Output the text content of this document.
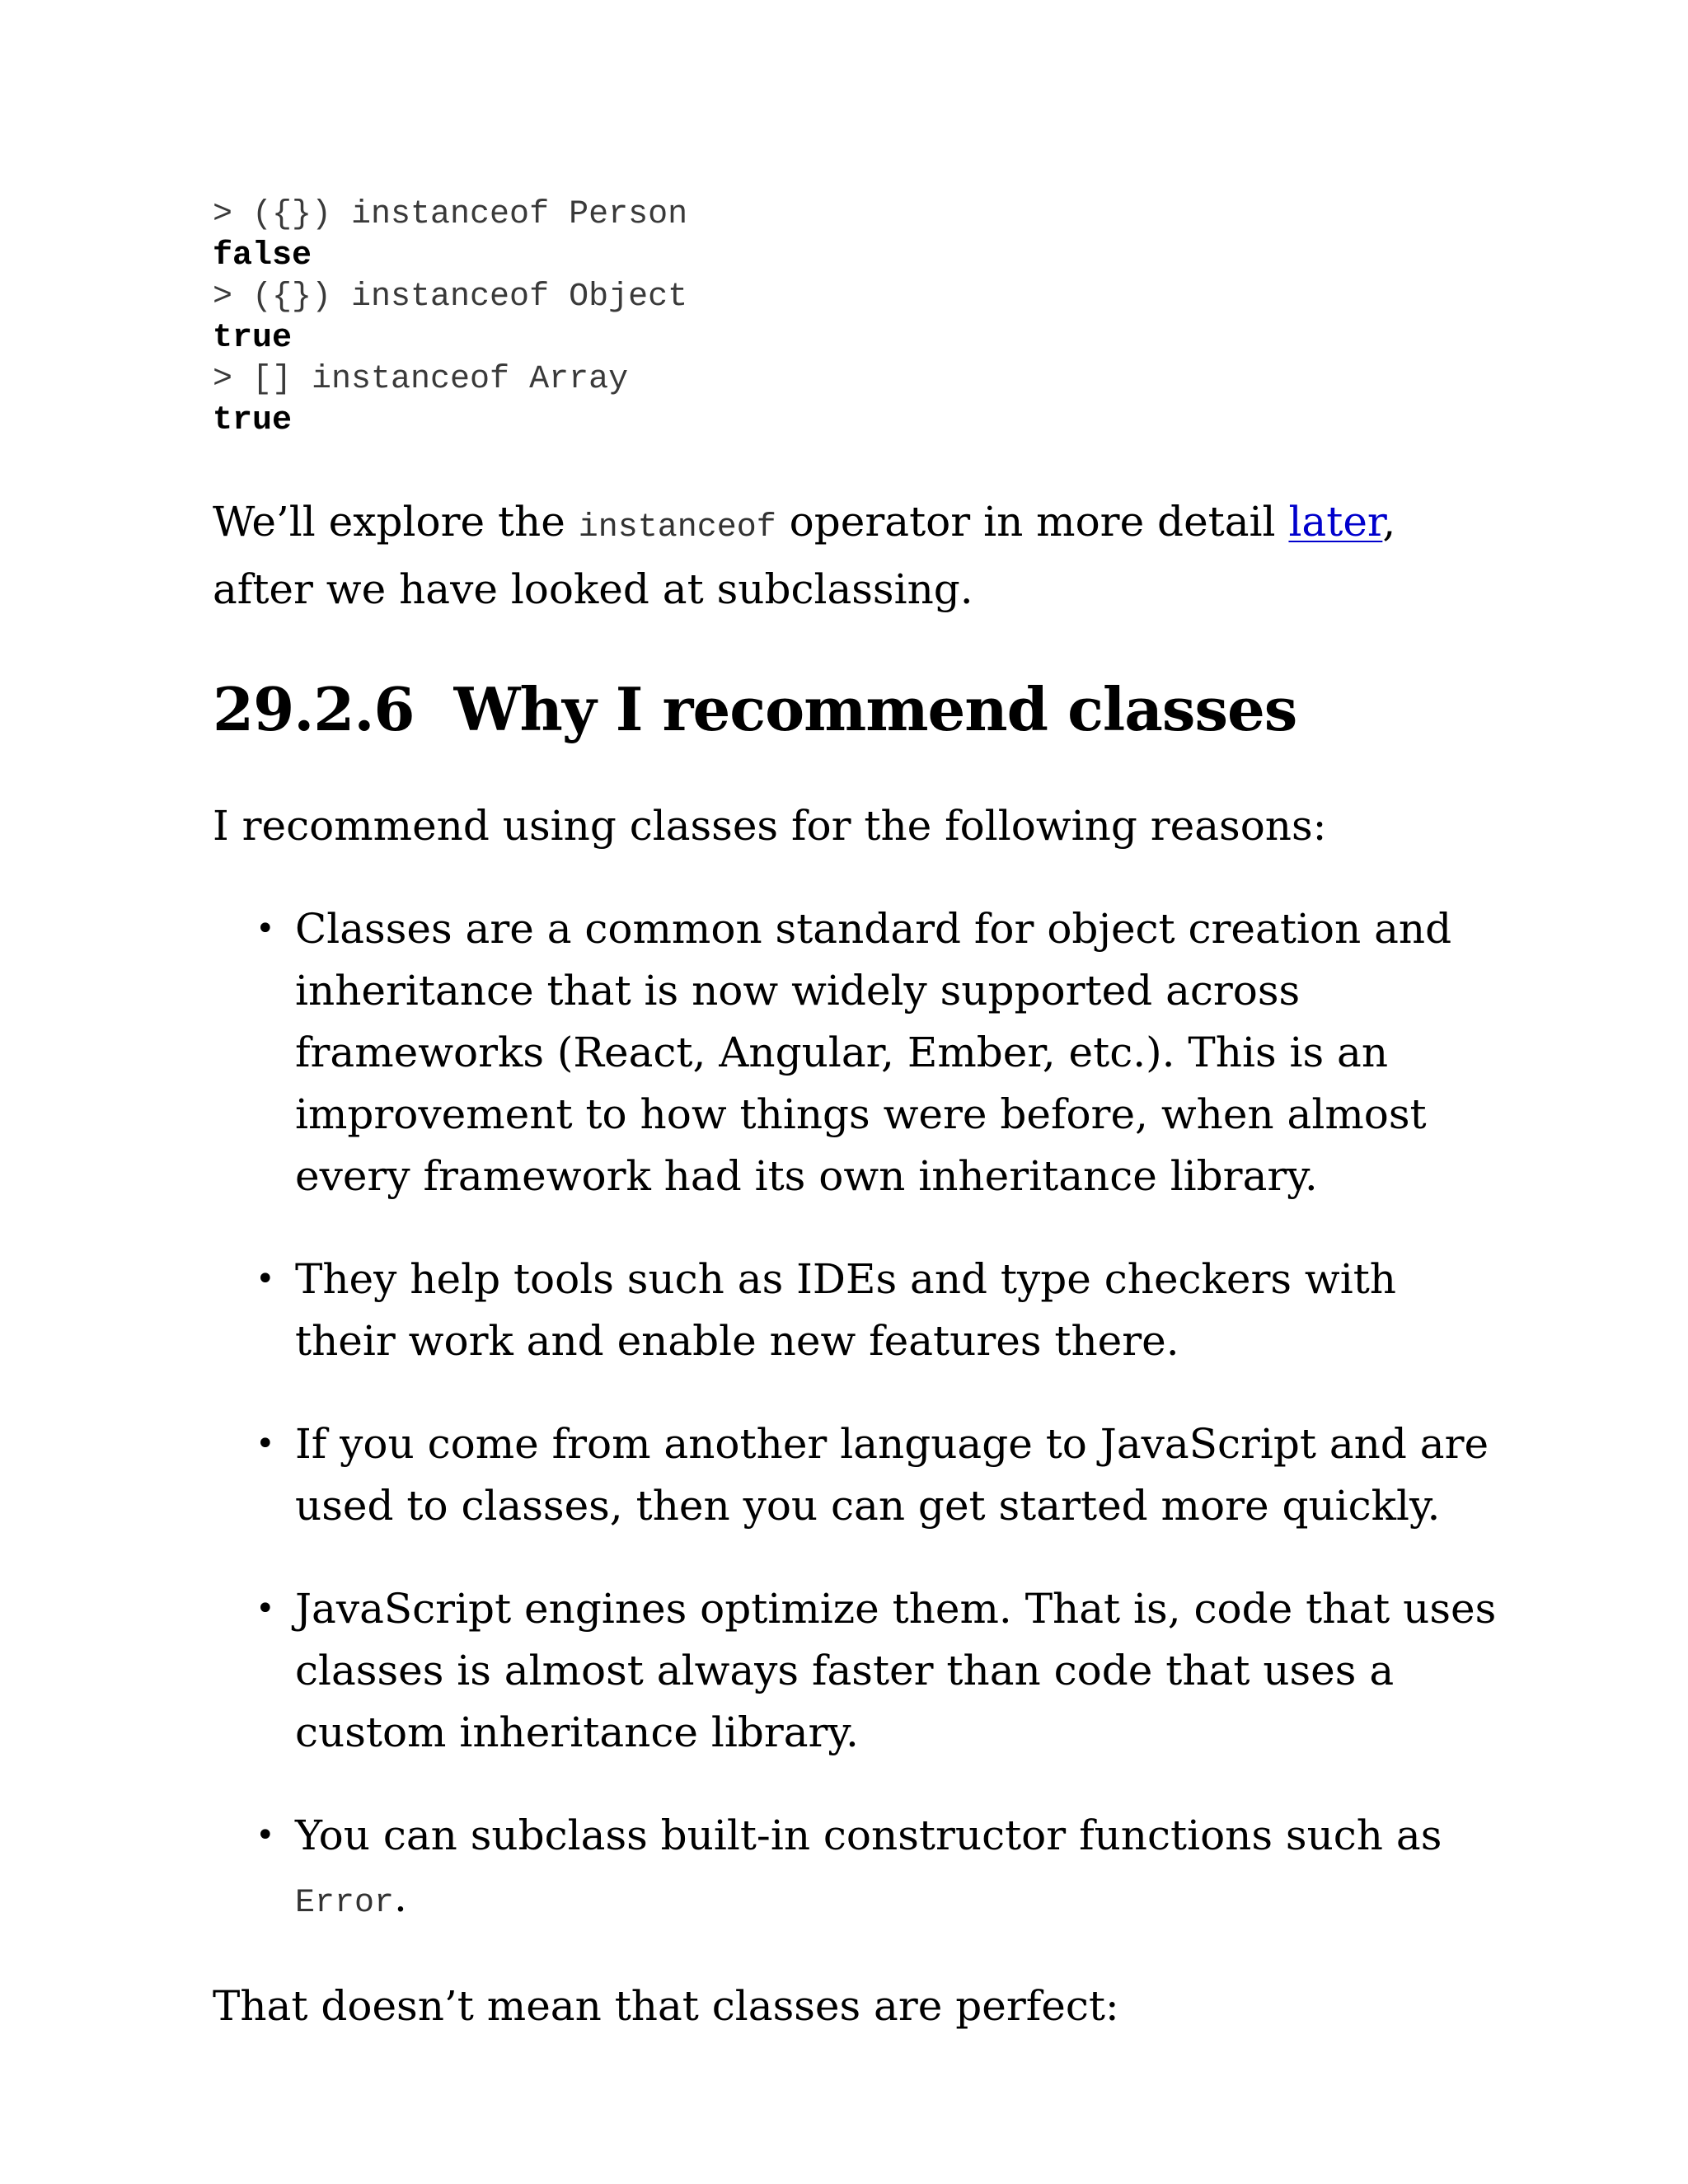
> ({}) instanceof Person
false
> ({}) instanceof Object
true
> [] instanceof Array
true

We’ll explore the instanceof operator in more detail later, after we have looked at subclassing.

29.2.6 Why I recommend classes

I recommend using classes for the following reasons:

• Classes are a common standard for object creation and inheritance that is now widely supported across frameworks (React, Angular, Ember, etc.). This is an improvement to how things were before, when almost every framework had its own inheritance library.
• They help tools such as IDEs and type checkers with their work and enable new features there.
• If you come from another language to JavaScript and are used to classes, then you can get started more quickly.
• JavaScript engines optimize them. That is, code that uses classes is almost always faster than code that uses a custom inheritance library.
• You can subclass built-in constructor functions such as Error.

That doesn’t mean that classes are perfect:
